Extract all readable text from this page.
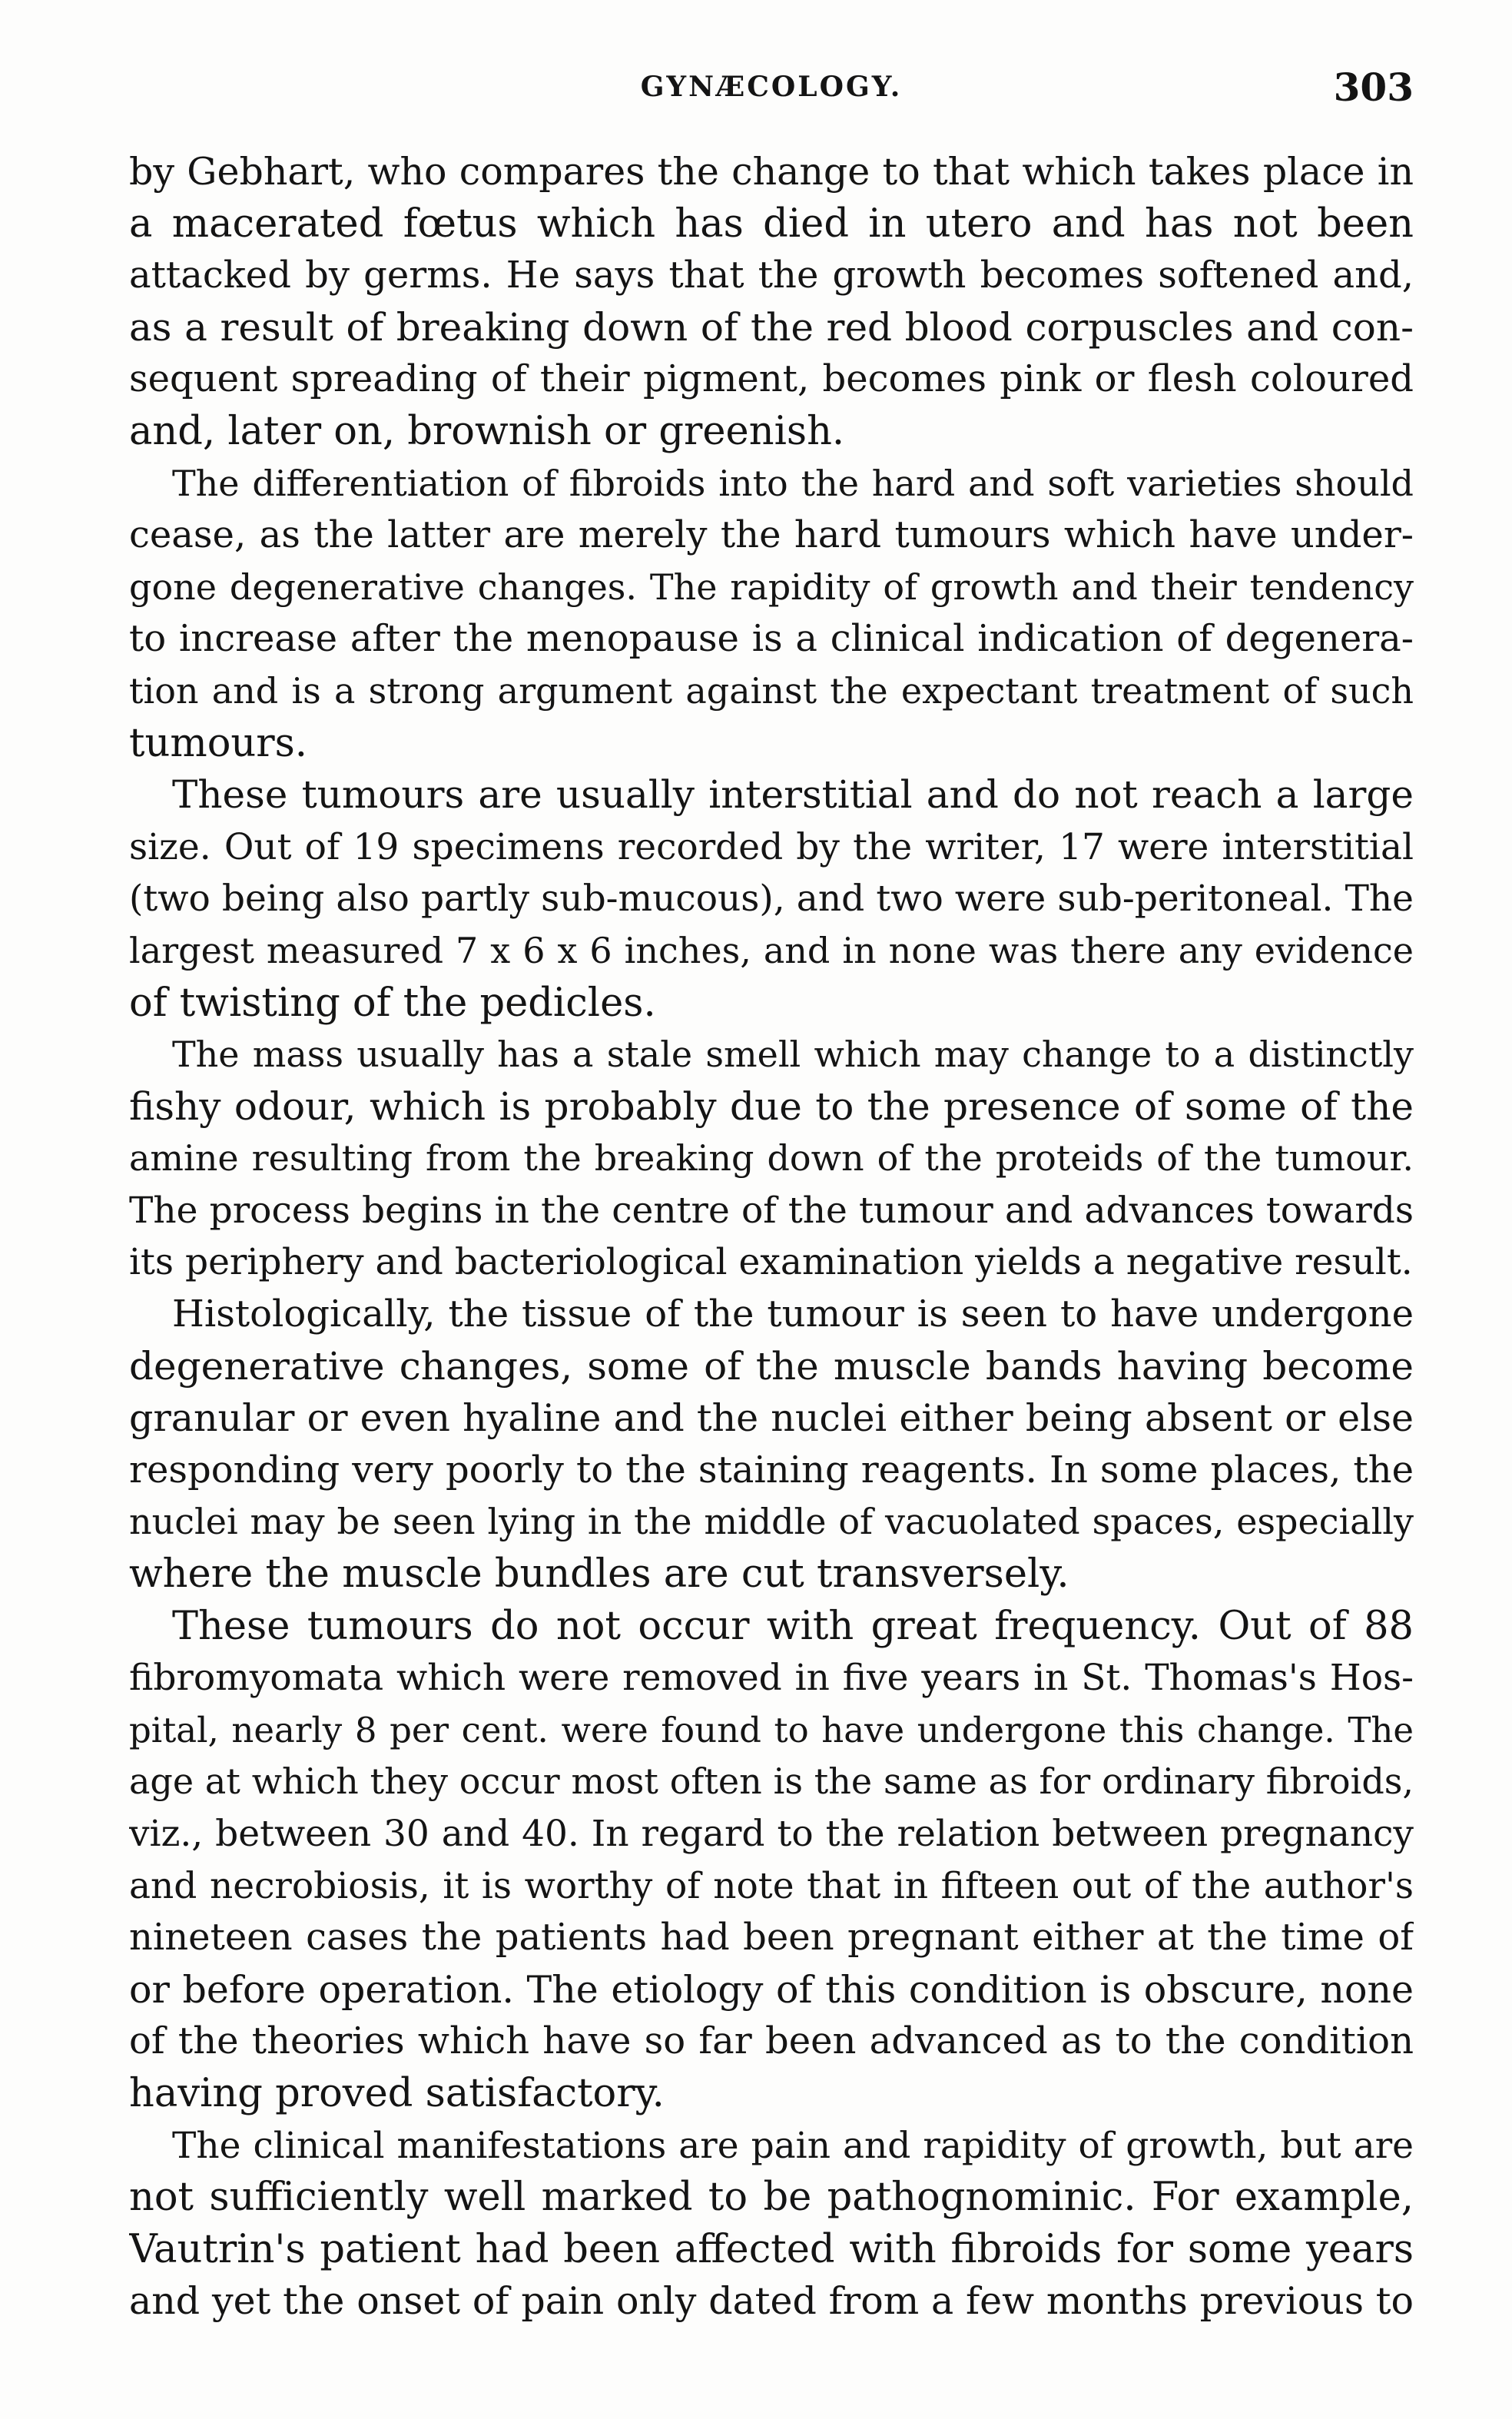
GYNÆCOLOGY.	303
by Gebhart, who compares the change to that which takes place in
a macerated fœtus which has died in utero and has not been
attacked by germs. He says that the growth becomes softened and,
as a result of breaking down of the red blood corpuscles and con-
sequent spreading of their pigment, becomes pink or flesh coloured
and, later on, brownish or greenish.
The differentiation of fibroids into the hard and soft varieties should
cease, as the latter are merely the hard tumours which have under-
gone degenerative changes. The rapidity of growth and their tendency
to increase after the menopause is a clinical indication of degenera-
tion and is a strong argument against the expectant treatment of such
tumours.
These tumours are usually interstitial and do not reach a large
size. Out of 19 specimens recorded by the writer, 17 were interstitial
(two being also partly sub-mucous), and two were sub-peritoneal. The
largest measured 7 x 6 x 6 inches, and in none was there any evidence
of twisting of the pedicles.
The mass usually has a stale smell which may change to a distinctly
fishy odour, which is probably due to the presence of some of the
amine resulting from the breaking down of the proteids of the tumour.
The process begins in the centre of the tumour and advances towards
its periphery and bacteriological examination yields a negative result.
Histologically, the tissue of the tumour is seen to have undergone
degenerative changes, some of the muscle bands having become
granular or even hyaline and the nuclei either being absent or else
responding very poorly to the staining reagents. In some places, the
nuclei may be seen lying in the middle of vacuolated spaces, especially
where the muscle bundles are cut transversely.
These tumours do not occur with great frequency. Out of 88
fibromyomata which were removed in five years in St. Thomas's Hos-
pital, nearly 8 per cent. were found to have undergone this change. The
age at which they occur most often is the same as for ordinary fibroids,
viz., between 30 and 40. In regard to the relation between pregnancy
and necrobiosis, it is worthy of note that in fifteen out of the author's
nineteen cases the patients had been pregnant either at the time of
or before operation. The etiology of this condition is obscure, none
of the theories which have so far been advanced as to the condition
having proved satisfactory.
The clinical manifestations are pain and rapidity of growth, but are
not sufficiently well marked to be pathognominic. For example,
Vautrin's patient had been affected with fibroids for some years
and yet the onset of pain only dated from a few months previous to
